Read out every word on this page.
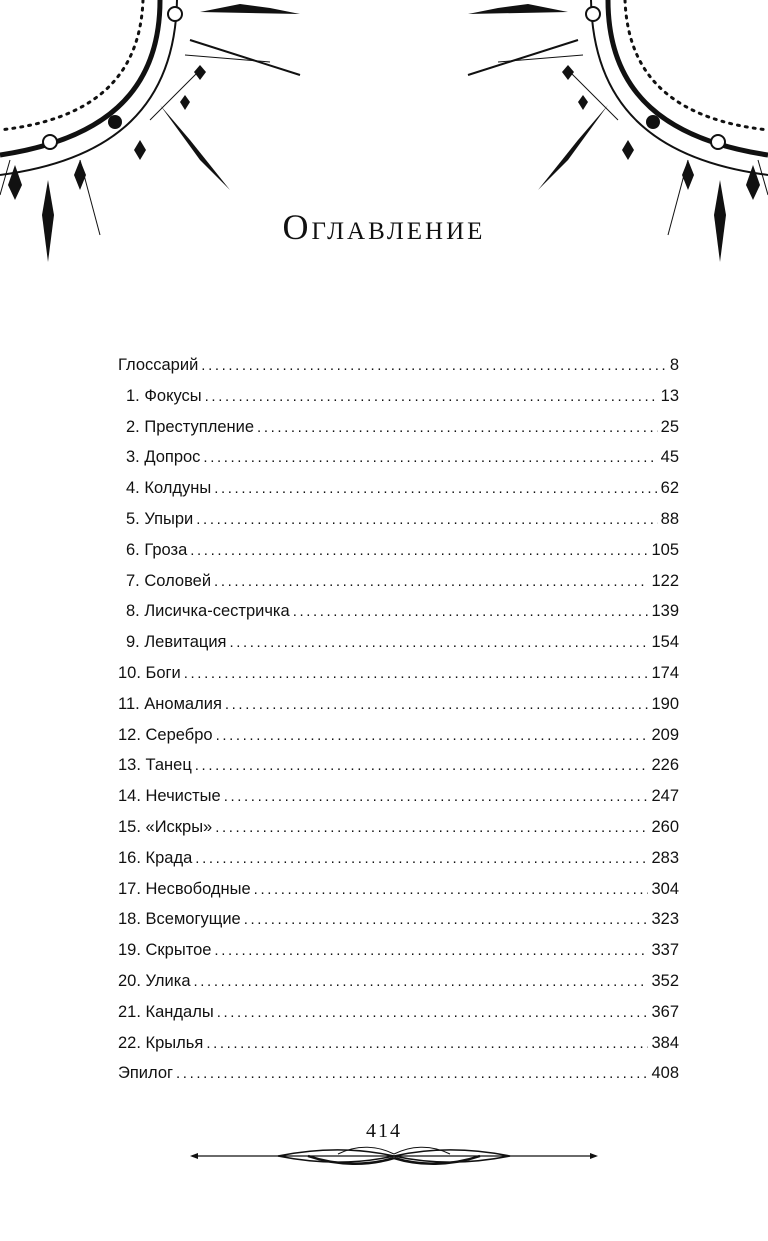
Оглавление
Глоссарий .....	8
1. Фокусы .....	13
2. Преступление .....	25
3. Допрос .....	45
4. Колдуны .....	62
5. Упыри .....	88
6. Гроза .....	105
7. Соловей .....	122
8. Лисичка-сестричка .....	139
9. Левитация .....	154
10. Боги .....	174
11. Аномалия .....	190
12. Серебро .....	209
13. Танец .....	226
14. Нечистые .....	247
15. «Искры» .....	260
16. Крада .....	283
17. Несвободные .....	304
18. Всемогущие .....	323
19. Скрытое .....	337
20. Улика .....	352
21. Кандалы .....	367
22. Крылья .....	384
Эпилог .....	408
414
